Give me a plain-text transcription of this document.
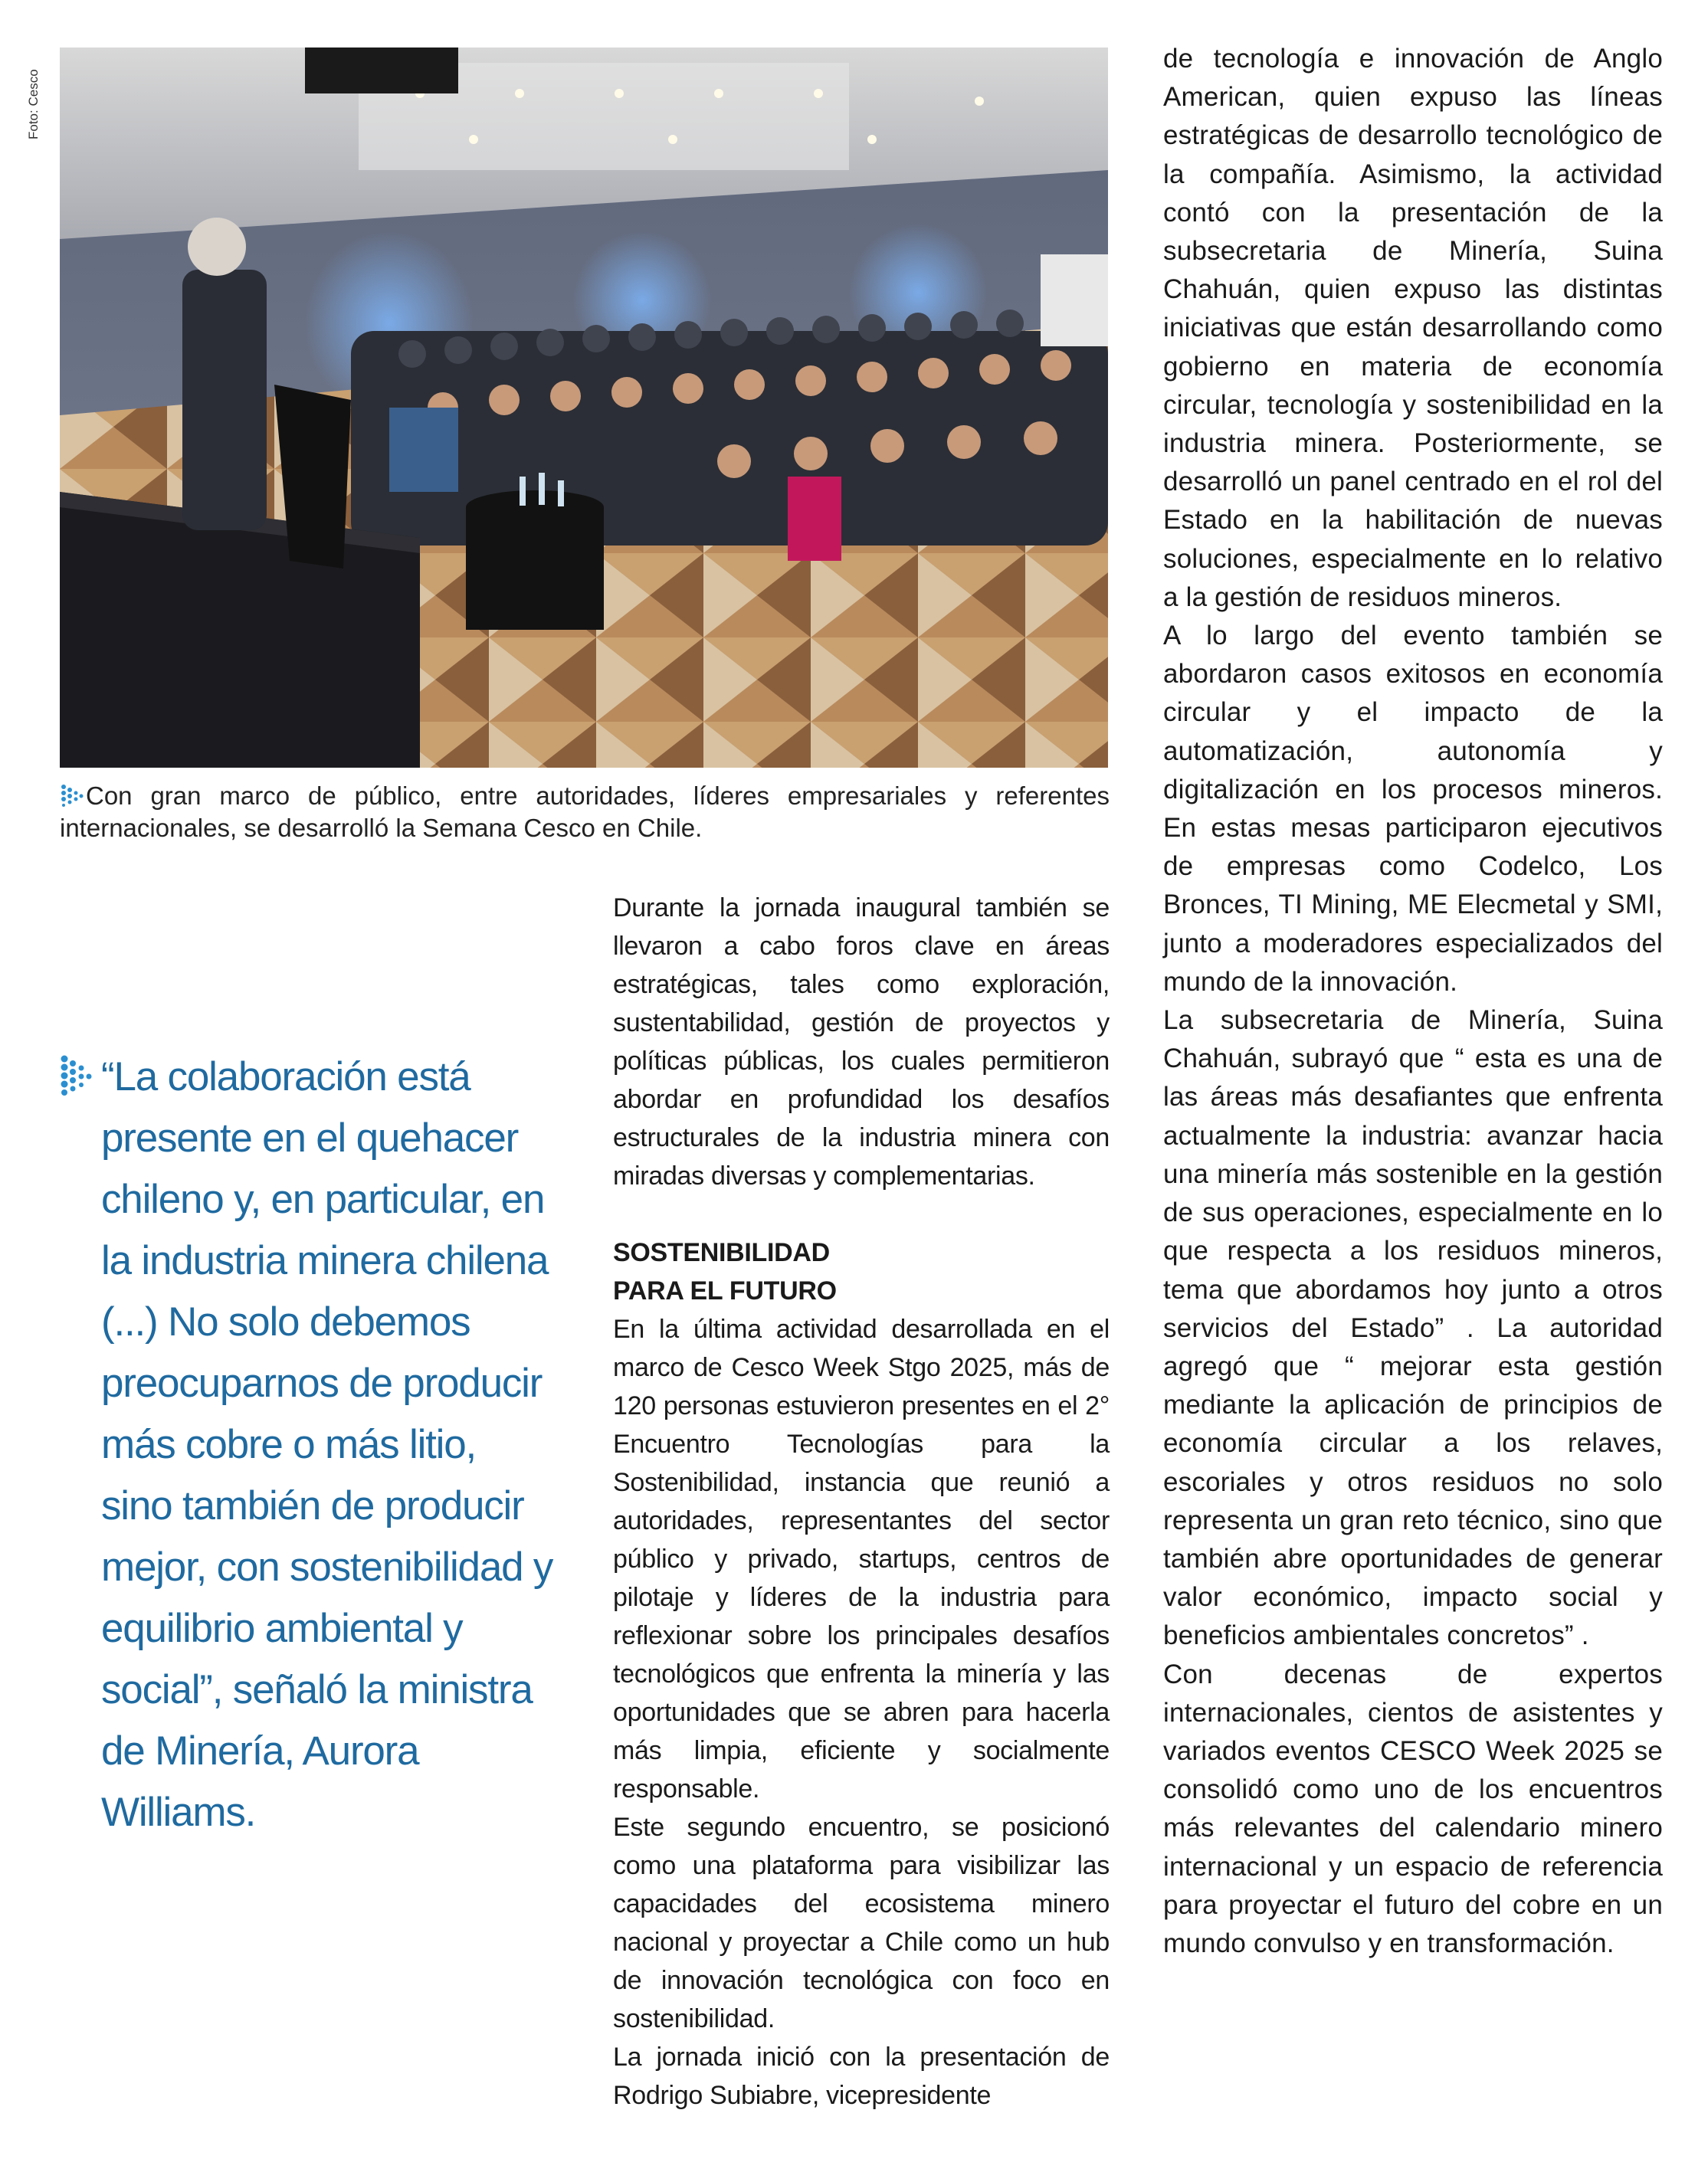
Foto: Cesco
Con gran marco de público, entre autoridades, líderes empresariales y referentes internacionales, se desarrolló la Semana Cesco en Chile.
“La colaboración está presente en el quehacer chileno y, en particular, en la industria minera chilena (...) No solo debemos preocuparnos de producir más cobre o más litio, sino también de producir mejor, con sostenibilidad y equilibrio ambiental y social”, señaló la ministra de Minería, Aurora Williams.

Durante la jornada inaugural también se llevaron a cabo foros clave en áreas estratégicas, tales como exploración, sustentabilidad, gestión de proyectos y políticas públicas, los cuales permitieron abordar en profundidad los desafíos estructurales de la industria minera con miradas diversas y complementarias.

SOSTENIBILIDAD
PARA EL FUTURO

En la última actividad desarrollada en el marco de Cesco Week Stgo 2025, más de 120 personas estuvieron presentes en el 2° Encuentro Tecnologías para la Sostenibilidad, instancia que reunió a autoridades, representantes del sector público y privado, startups, centros de pilotaje y líderes de la industria para reflexionar sobre los principales desafíos tecnológicos que enfrenta la minería y las oportunidades que se abren para hacerla más limpia, eficiente y socialmente responsable.

Este segundo encuentro, se posicionó como una plataforma para visibilizar las capacidades del ecosistema minero nacional y proyectar a Chile como un hub de innovación tecnológica con foco en sostenibilidad.

La jornada inició con la presentación de Rodrigo Subiabre, vicepresidente

de tecnología e innovación de Anglo American, quien expuso las líneas estratégicas de desarrollo tecnológico de la compañía. Asimismo, la actividad contó con la presentación de la subsecretaria de Minería, Suina Chahuán, quien expuso las distintas iniciativas que están desarrollando como gobierno en materia de economía circular, tecnología y sostenibilidad en la industria minera. Posteriormente, se desarrolló un panel centrado en el rol del Estado en la habilitación de nuevas soluciones, especialmente en lo relativo a la gestión de residuos mineros.

A lo largo del evento también se abordaron casos exitosos en economía circular y el impacto de la automatización, autonomía y digitalización en los procesos mineros. En estas mesas participaron ejecutivos de empresas como Codelco, Los Bronces, TI Mining, ME Elecmetal y SMI, junto a moderadores especializados del mundo de la innovación.

La subsecretaria de Minería, Suina Chahuán, subrayó que “ esta es una de las áreas más desafiantes que enfrenta actualmente la industria: avanzar hacia una minería más sostenible en la gestión de sus operaciones, especialmente en lo que respecta a los residuos mineros, tema que abordamos hoy junto a otros servicios del Estado” . La autoridad agregó que “ mejorar esta gestión mediante la aplicación de principios de economía circular a los relaves, escoriales y otros residuos no solo representa un gran reto técnico, sino que también abre oportunidades de generar valor económico, impacto social y beneficios ambientales concretos” .

Con decenas de expertos internacionales, cientos de asistentes y variados eventos CESCO Week 2025 se consolidó como uno de los encuentros más relevantes del calendario minero internacional y un espacio de referencia para proyectar el futuro del cobre en un mundo convulso y en transformación.
